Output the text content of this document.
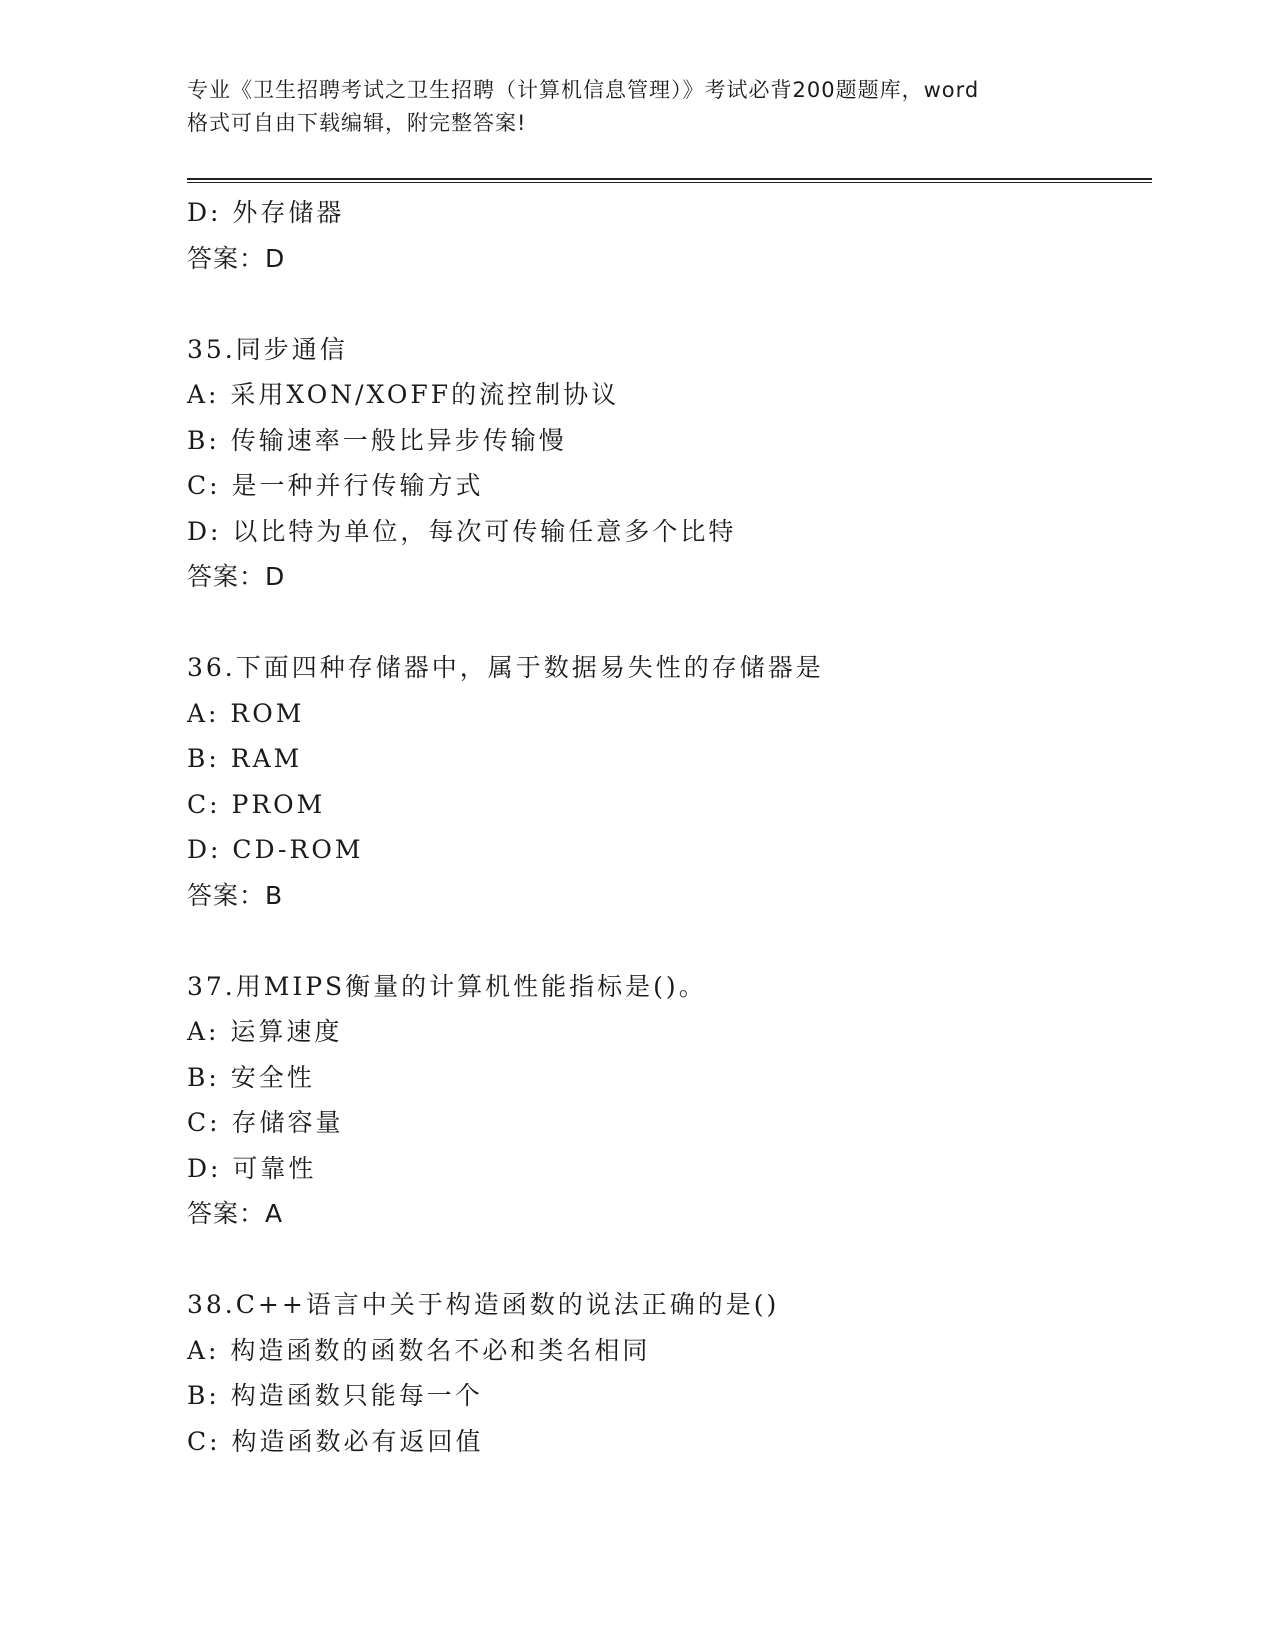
专业《卫生招聘考试之卫生招聘（计算机信息管理）》考试必背200题题库，word
格式可自由下载编辑，附完整答案!
D: 外存储器
答案：D
35.同步通信
A: 采用XON/XOFF的流控制协议
B: 传输速率一般比异步传输慢
C: 是一种并行传输方式
D: 以比特为单位，每次可传输任意多个比特
答案：D
36.下面四种存储器中，属于数据易失性的存储器是
A: ROM
B: RAM
C: PROM
D: CD-ROM
答案：B
37.用MIPS衡量的计算机性能指标是()。
A: 运算速度
B: 安全性
C: 存储容量
D: 可靠性
答案：A
38.C++语言中关于构造函数的说法正确的是()
A: 构造函数的函数名不必和类名相同
B: 构造函数只能每一个
C: 构造函数必有返回值
